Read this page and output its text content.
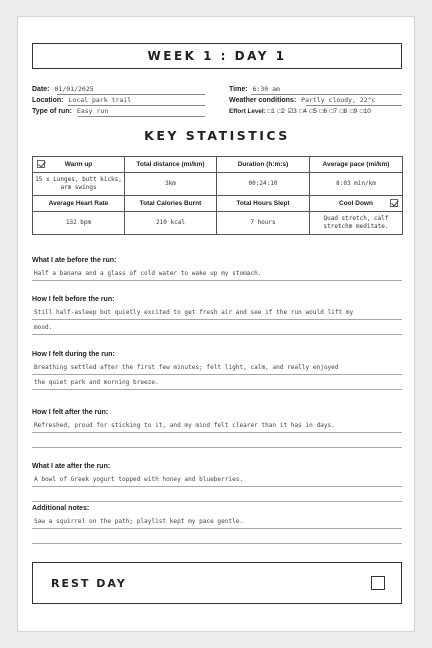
WEEK 1 : DAY 1
Date: 01/01/2025
Location: Local park trail
Type of run: Easy run
Time: 6:30 am
Weather conditions: Partly cloudy, 22°c
Effort Level: □1 □2 ☑3 □4 □5 □6 □7 □8 □9 □10
KEY STATISTICS
Warm up	Total distance (mi/km)	Duration (h:m:s)	Average pace (mi/km)
15 x Lunges, butt kicks, arm swings	3km	00:24:10	8:03 min/km
Average Heart Rate	Total Calories Burnt	Total Hours Slept	Cool Down

132 bpm	210 kcal	7 hours	Quad stretch, calf stretchm meditate.
What I ate before the run:
Half a banana and a glass of cold water to wake up my stomach.
How I felt before the run:
Still half-asleep but quietly excited to get fresh air and see if the run would lift my
mood.
How I felt during the run:
Breathing settled after the first few minutes; felt light, calm, and really enjoyed
the quiet park and morning breeze.
How I felt after the run:
Refreshed, proud for sticking to it, and my mind felt clearer than it has in days.
What I ate after the run:
A bowl of Greek yogurt topped with honey and blueberries.
Additional notes:
Saw a squirrel on the path; playlist kept my pace gentle.
REST DAY
